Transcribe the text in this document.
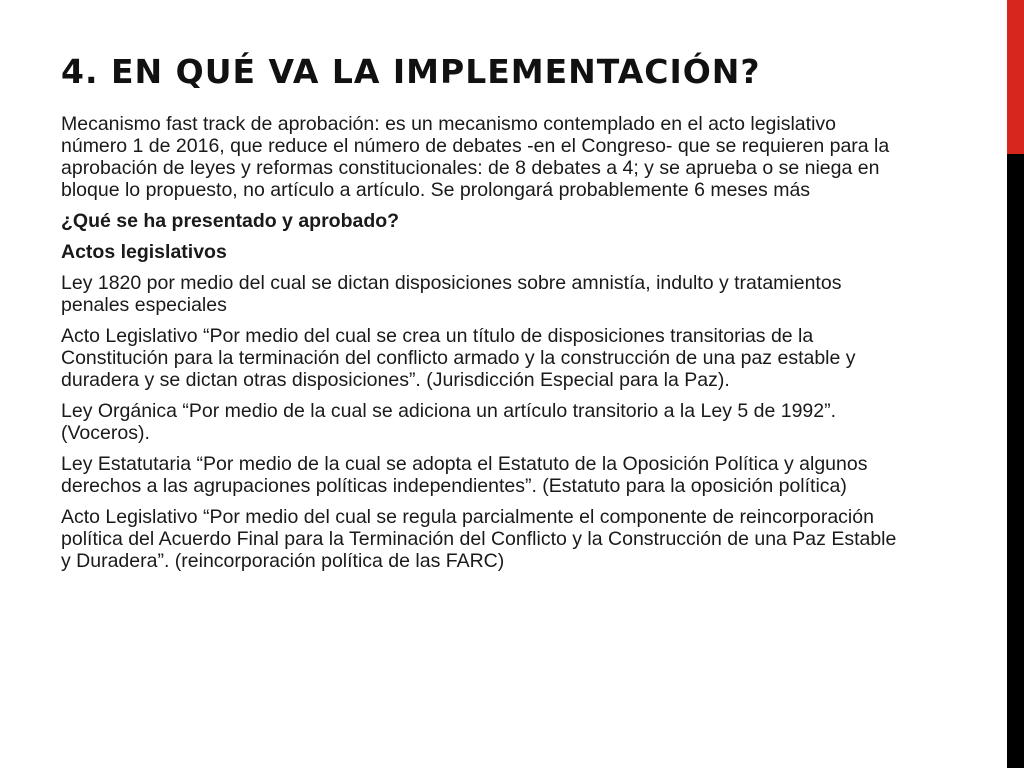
4. EN QUÉ VA LA IMPLEMENTACIÓN?

Mecanismo fast track de aprobación: es un mecanismo contemplado en el acto legislativo número 1 de 2016, que reduce el número de debates -en el Congreso- que se requieren para la aprobación de leyes y reformas constitucionales: de 8 debates a 4; y se aprueba o se niega en bloque lo propuesto, no artículo a artículo. Se prolongará probablemente 6 meses más

¿Qué se ha presentado y aprobado?

Actos legislativos

Ley 1820 por medio del cual se dictan disposiciones sobre amnistía, indulto y tratamientos penales especiales

Acto Legislativo “Por medio del cual se crea un título de disposiciones transitorias de la Constitución para la terminación del conflicto armado y la construcción de una paz estable y duradera y se dictan otras disposiciones”. (Jurisdicción Especial para la Paz).

Ley Orgánica “Por medio de la cual se adiciona un artículo transitorio a la Ley 5 de 1992”. (Voceros).

Ley Estatutaria “Por medio de la cual se adopta el Estatuto de la Oposición Política y algunos derechos a las agrupaciones políticas independientes”. (Estatuto para la oposición política)

Acto Legislativo “Por medio del cual se regula parcialmente el componente de reincorporación política del Acuerdo Final para la Terminación del Conflicto y la Construcción de una Paz Estable y Duradera”. (reincorporación política de las FARC)
